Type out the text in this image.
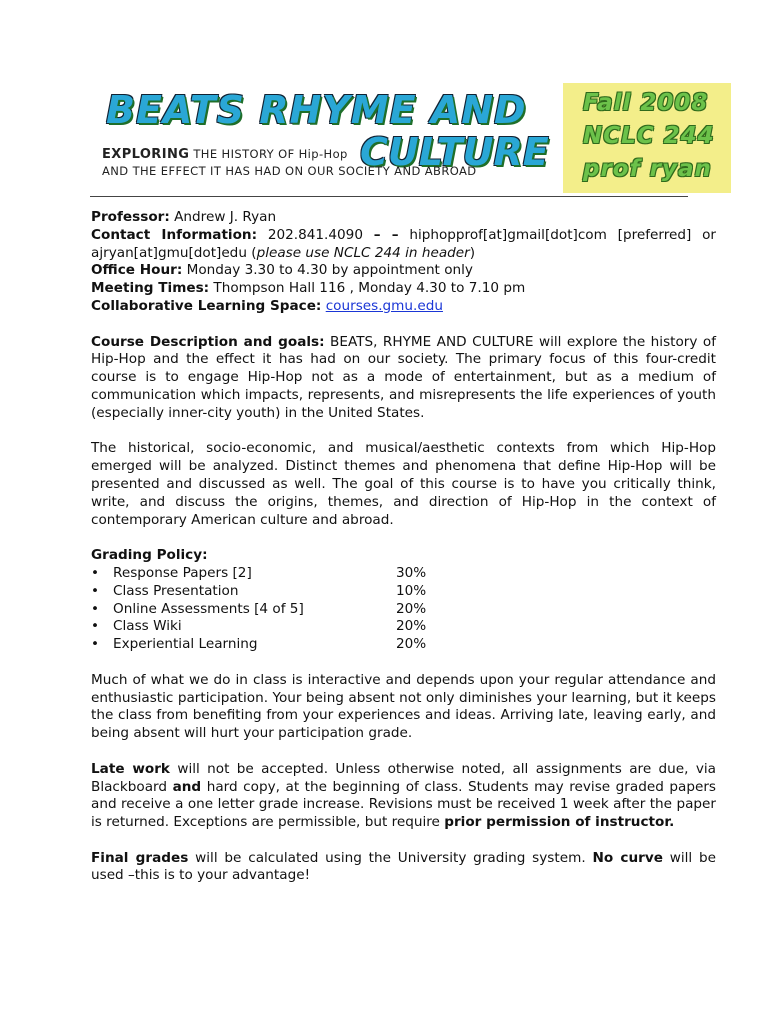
BEATS RHYME AND
CULTURE
EXPLORING THE HISTORY OF Hip-Hop
AND THE EFFECT IT HAS HAD ON OUR SOCIETY AND ABROAD
Fall 2008
NCLC 244
prof ryan

Professor: Andrew J. Ryan

Contact Information: 202.841.4090 – – hiphopprof[at]gmail[dot]com [preferred] or ajryan[at]gmu[dot]edu (please use NCLC 244 in header)

Office Hour: Monday 3.30 to 4.30 by appointment only

Meeting Times: Thompson Hall 116 , Monday 4.30 to 7.10 pm

Collaborative Learning Space: courses.gmu.edu

Course Description and goals: BEATS, RHYME AND CULTURE will explore the history of Hip-Hop and the effect it has had on our society. The primary focus of this four-credit course is to engage Hip-Hop not as a mode of entertainment, but as a medium of communication which impacts, represents, and misrepresents the life experiences of youth (especially inner-city youth) in the United States.

The historical, socio-economic, and musical/aesthetic contexts from which Hip-Hop emerged will be analyzed. Distinct themes and phenomena that define Hip-Hop will be presented and discussed as well. The goal of this course is to have you critically think, write, and discuss the origins, themes, and direction of Hip-Hop in the context of contemporary American culture and abroad.

Grading Policy:

• Response Papers [2]	30%
• Class Presentation	10%
• Online Assessments [4 of 5]	20%
• Class Wiki	20%
• Experiential Learning	20%

Much of what we do in class is interactive and depends upon your regular attendance and enthusiastic participation. Your being absent not only diminishes your learning, but it keeps the class from benefiting from your experiences and ideas. Arriving late, leaving early, and being absent will hurt your participation grade.

Late work will not be accepted. Unless otherwise noted, all assignments are due, via Blackboard and hard copy, at the beginning of class. Students may revise graded papers and receive a one letter grade increase. Revisions must be received 1 week after the paper is returned. Exceptions are permissible, but require prior permission of instructor.

Final grades will be calculated using the University grading system. No curve will be used –this is to your advantage!
